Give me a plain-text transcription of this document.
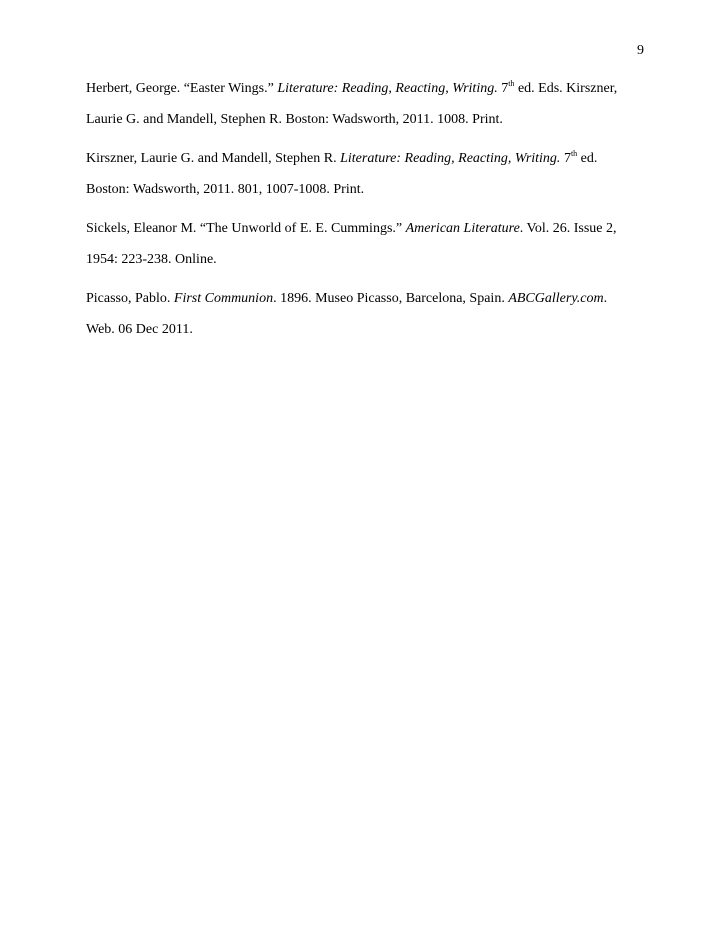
9

Herbert, George. “Easter Wings.” Literature: Reading, Reacting, Writing. 7th ed. Eds. Kirszner,
Laurie G. and Mandell, Stephen R. Boston: Wadsworth, 2011. 1008. Print.

Kirszner, Laurie G. and Mandell, Stephen R. Literature: Reading, Reacting, Writing. 7th ed.
Boston: Wadsworth, 2011. 801, 1007-1008. Print.

Sickels, Eleanor M. “The Unworld of E. E. Cummings.” American Literature. Vol. 26. Issue 2,
1954: 223-238. Online.

Picasso, Pablo. First Communion. 1896. Museo Picasso, Barcelona, Spain. ABCGallery.com.
Web. 06 Dec 2011.
